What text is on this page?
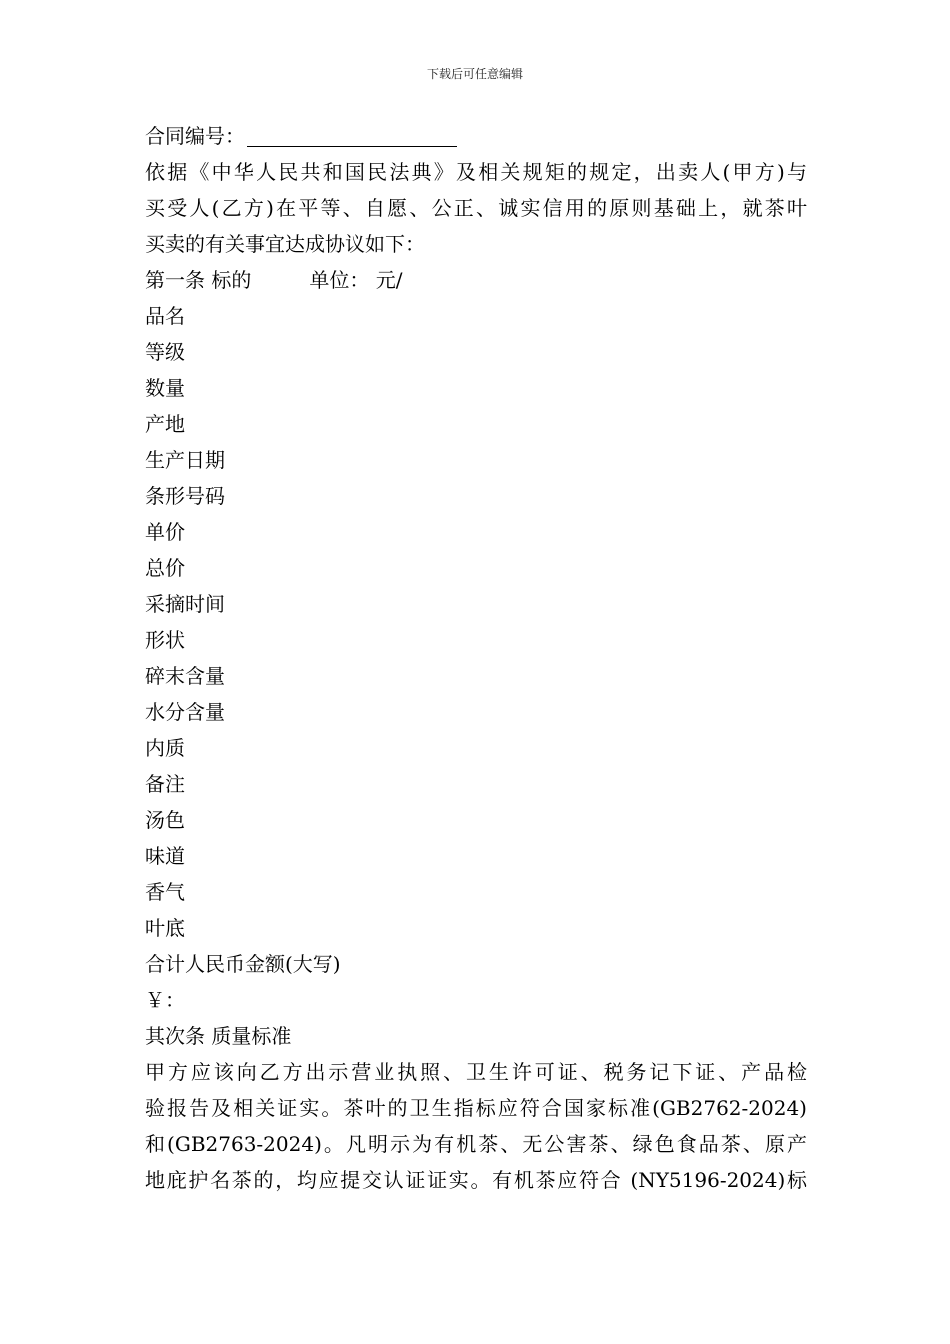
下载后可任意编辑

合同编号：

依据《中华人民共和国民法典》及相关规矩的规定，出卖人(甲方)与

买受人(乙方)在平等、自愿、公正、诚实信用的原则基础上，就茶叶

买卖的有关事宜达成协议如下：

第一条 标的	单位： 元/

品名

等级

数量

产地

生产日期

条形号码

单价

总价

采摘时间

形状

碎末含量

水分含量

内质

备注

汤色

味道

香气

叶底

合计人民币金额(大写)

￥：

其次条 质量标准

甲方应该向乙方出示营业执照、卫生许可证、税务记下证、产品检

验报告及相关证实。茶叶的卫生指标应符合国家标准(GB2762-2024)

和(GB2763-2024)。凡明示为有机茶、无公害茶、绿色食品茶、原产

地庇护名茶的，均应提交认证证实。有机茶应符合 (NY5196-2024)标
